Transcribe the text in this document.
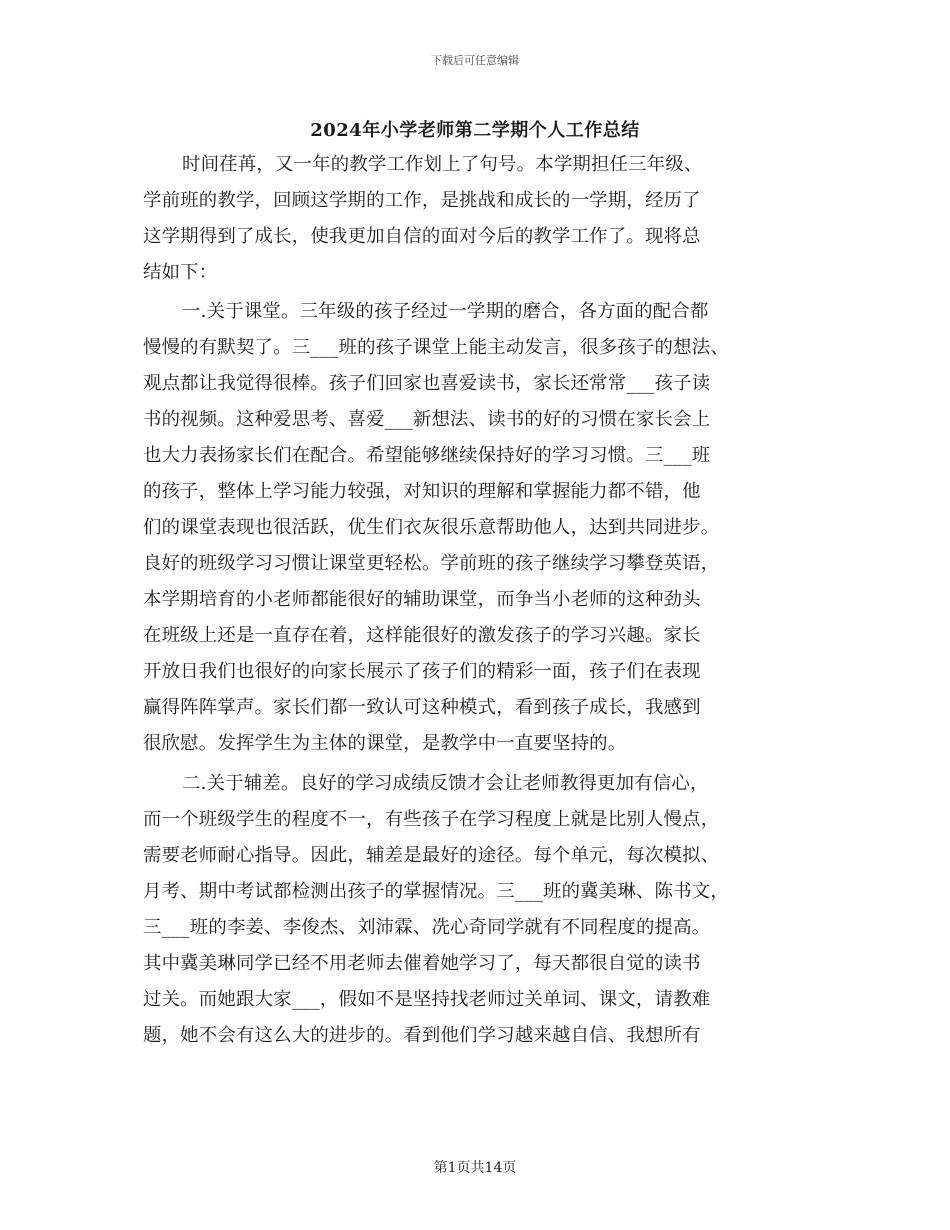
下载后可任意编辑
2024年小学老师第二学期个人工作总结
时间荏苒，又一年的教学工作划上了句号。本学期担任三年级、
学前班的教学，回顾这学期的工作，是挑战和成长的一学期，经历了
这学期得到了成长，使我更加自信的面对今后的教学工作了。现将总
结如下：
一.关于课堂。三年级的孩子经过一学期的磨合，各方面的配合都
慢慢的有默契了。三___班的孩子课堂上能主动发言，很多孩子的想法、
观点都让我觉得很棒。孩子们回家也喜爱读书，家长还常常___孩子读
书的视频。这种爱思考、喜爱___新想法、读书的好的习惯在家长会上
也大力表扬家长们在配合。希望能够继续保持好的学习习惯。三___班
的孩子，整体上学习能力较强，对知识的理解和掌握能力都不错，他
们的课堂表现也很活跃，优生们衣灰很乐意帮助他人，达到共同进步。
良好的班级学习习惯让课堂更轻松。学前班的孩子继续学习攀登英语，
本学期培育的小老师都能很好的辅助课堂，而争当小老师的这种劲头
在班级上还是一直存在着，这样能很好的激发孩子的学习兴趣。家长
开放日我们也很好的向家长展示了孩子们的精彩一面，孩子们在表现
赢得阵阵掌声。家长们都一致认可这种模式，看到孩子成长，我感到
很欣慰。发挥学生为主体的课堂，是教学中一直要坚持的。
二.关于辅差。良好的学习成绩反馈才会让老师教得更加有信心，
而一个班级学生的程度不一，有些孩子在学习程度上就是比别人慢点，
需要老师耐心指导。因此，辅差是最好的途径。每个单元，每次模拟、
月考、期中考试都检测出孩子的掌握情况。三___班的冀美琳、陈书文，
三___班的李姜、李俊杰、刘沛霖、冼心奇同学就有不同程度的提高。
其中冀美琳同学已经不用老师去催着她学习了，每天都很自觉的读书
过关。而她跟大家___，假如不是坚持找老师过关单词、课文，请教难
题，她不会有这么大的进步的。看到他们学习越来越自信、我想所有
第1页共14页
